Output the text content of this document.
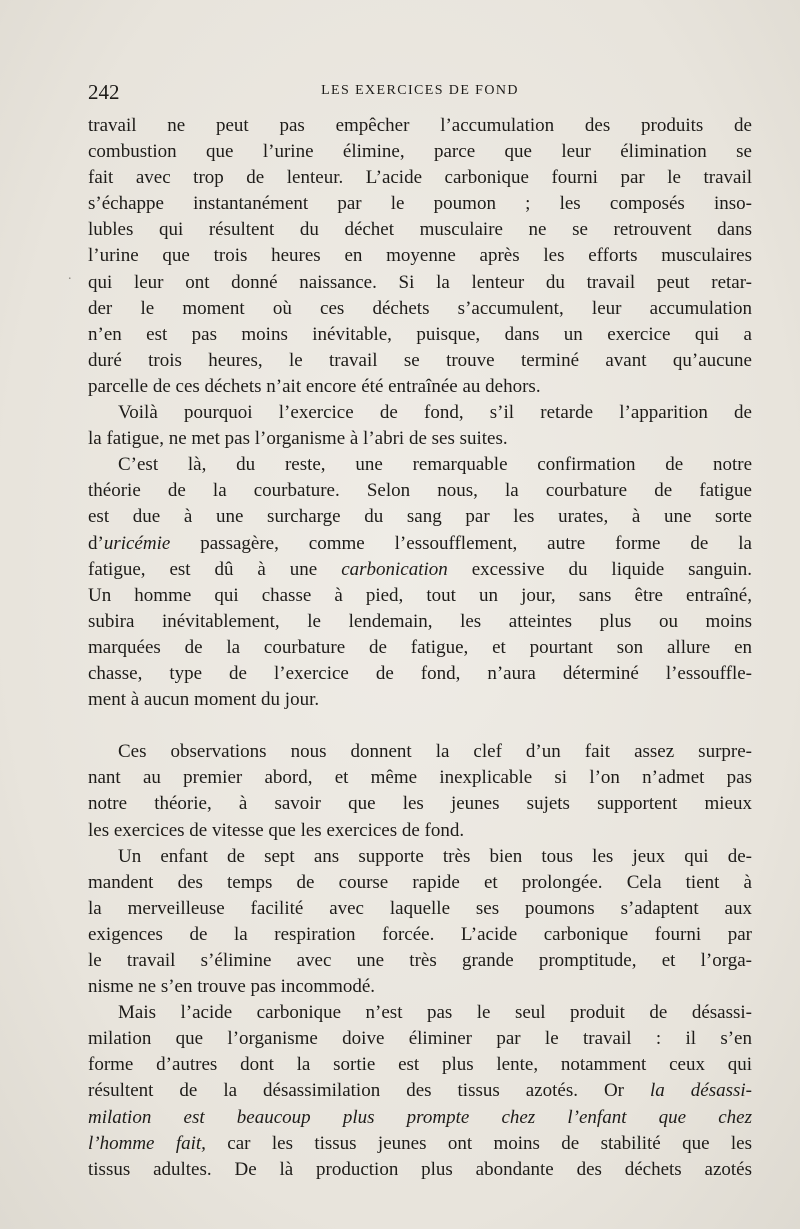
242	LES EXERCICES DE FOND
.
travail ne peut pas empêcher l’accumulation des produits de
combustion que l’urine élimine, parce que leur élimination se
fait avec trop de lenteur. L’acide carbonique fourni par le travail
s’échappe instantanément par le poumon ; les composés inso-
lubles qui résultent du déchet musculaire ne se retrouvent dans
l’urine que trois heures en moyenne après les efforts musculaires
qui leur ont donné naissance. Si la lenteur du travail peut retar-
der le moment où ces déchets s’accumulent, leur accumulation
n’en est pas moins inévitable, puisque, dans un exercice qui a
duré trois heures, le travail se trouve terminé avant qu’aucune
parcelle de ces déchets n’ait encore été entraînée au dehors.
Voilà pourquoi l’exercice de fond, s’il retarde l’apparition de
la fatigue, ne met pas l’organisme à l’abri de ses suites.
C’est là, du reste, une remarquable confirmation de notre
théorie de la courbature. Selon nous, la courbature de fatigue
est due à une surcharge du sang par les urates, à une sorte
d’uricémie passagère, comme l’essoufflement, autre forme de la
fatigue, est dû à une carbonication excessive du liquide sanguin.
Un homme qui chasse à pied, tout un jour, sans être entraîné,
subira inévitablement, le lendemain, les atteintes plus ou moins
marquées de la courbature de fatigue, et pourtant son allure en
chasse, type de l’exercice de fond, n’aura déterminé l’essouffle-
ment à aucun moment du jour.
Ces observations nous donnent la clef d’un fait assez surpre-
nant au premier abord, et même inexplicable si l’on n’admet pas
notre théorie, à savoir que les jeunes sujets supportent mieux
les exercices de vitesse que les exercices de fond.
Un enfant de sept ans supporte très bien tous les jeux qui de-
mandent des temps de course rapide et prolongée. Cela tient à
la merveilleuse facilité avec laquelle ses poumons s’adaptent aux
exigences de la respiration forcée. L’acide carbonique fourni par
le travail s’élimine avec une très grande promptitude, et l’orga-
nisme ne s’en trouve pas incommodé.
Mais l’acide carbonique n’est pas le seul produit de désassi-
milation que l’organisme doive éliminer par le travail : il s’en
forme d’autres dont la sortie est plus lente, notamment ceux qui
résultent de la désassimilation des tissus azotés. Or la désassi-
milation est beaucoup plus prompte chez l’enfant que chez
l’homme fait, car les tissus jeunes ont moins de stabilité que les
tissus adultes. De là production plus abondante des déchets azotés
